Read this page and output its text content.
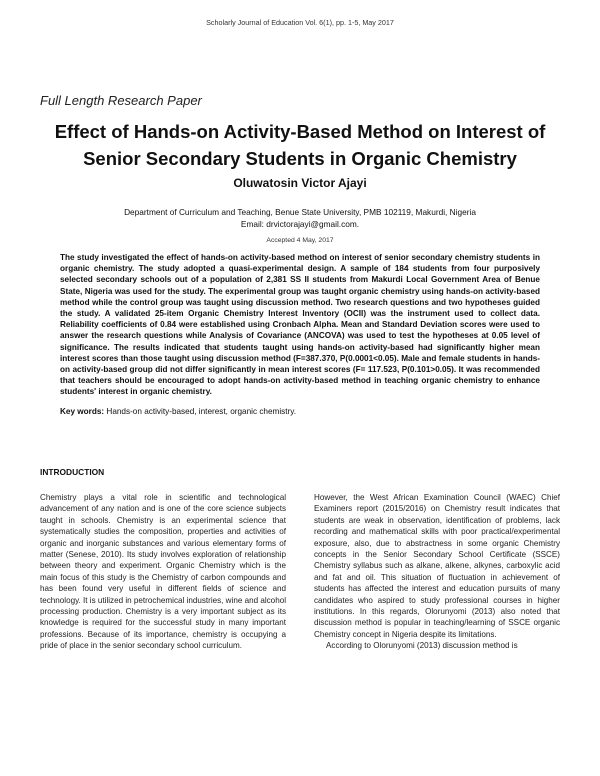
Scholarly Journal of Education Vol. 6(1), pp. 1-5, May 2017
Full Length Research Paper
Effect of Hands-on Activity-Based Method on Interest of Senior Secondary Students in Organic Chemistry
Oluwatosin Victor Ajayi
Department of Curriculum and Teaching, Benue State University, PMB 102119, Makurdi, Nigeria
Email: drvictorajayi@gmail.com.
Accepted 4 May, 2017
The study investigated the effect of hands-on activity-based method on interest of senior secondary chemistry students in organic chemistry. The study adopted a quasi-experimental design. A sample of 184 students from four purposively selected secondary schools out of a population of 2,381 SS II students from Makurdi Local Government Area of Benue State, Nigeria was used for the study. The experimental group was taught organic chemistry using hands-on activity-based method while the control group was taught using discussion method. Two research questions and two hypotheses guided the study. A validated 25-item Organic Chemistry Interest Inventory (OCII) was the instrument used to collect data. Reliability coefficients of 0.84 were established using Cronbach Alpha. Mean and Standard Deviation scores were used to answer the research questions while Analysis of Covariance (ANCOVA) was used to test the hypotheses at 0.05 level of significance. The results indicated that students taught using hands-on activity-based had significantly higher mean interest scores than those taught using discussion method (F=387.370, P(0.0001<0.05). Male and female students in hands-on activity-based group did not differ significantly in mean interest scores (F= 117.523, P(0.101>0.05). It was recommended that teachers should be encouraged to adopt hands-on activity-based method in teaching organic chemistry to enhance students' interest in organic chemistry.
Key words: Hands-on activity-based, interest, organic chemistry.
INTRODUCTION

Chemistry plays a vital role in scientific and technological advancement of any nation and is one of the core science subjects taught in schools. Chemistry is an experimental science that systematically studies the composition, properties and activities of organic and inorganic substances and various elementary forms of matter (Senese, 2010). Its study involves exploration of relationship between theory and experiment. Organic Chemistry which is the main focus of this study is the Chemistry of carbon compounds and has been found very useful in different fields of science and technology. It is utilized in petrochemical industries, wine and alcohol processing production. Chemistry is a very important subject as its knowledge is required for the successful study in many important professions. Because of its importance, chemistry is occupying a pride of place in the senior secondary school curriculum.

However, the West African Examination Council (WAEC) Chief Examiners report (2015/2016) on Chemistry result indicates that students are weak in observation, identification of problems, lack recording and mathematical skills with poor practical/experimental exposure, also, due to abstractness in some organic Chemistry concepts in the Senior Secondary School Certificate (SSCE) Chemistry syllabus such as alkane, alkene, alkynes, carboxylic acid and fat and oil. This situation of fluctuation in achievement of students has affected the interest and education pursuits of many candidates who aspired to study professional courses in higher institutions. In this regards, Olorunyomi (2013) also noted that discussion method is popular in teaching/learning of SSCE organic Chemistry concept in Nigeria despite its limitations.

According to Olorunyomi (2013) discussion method is
